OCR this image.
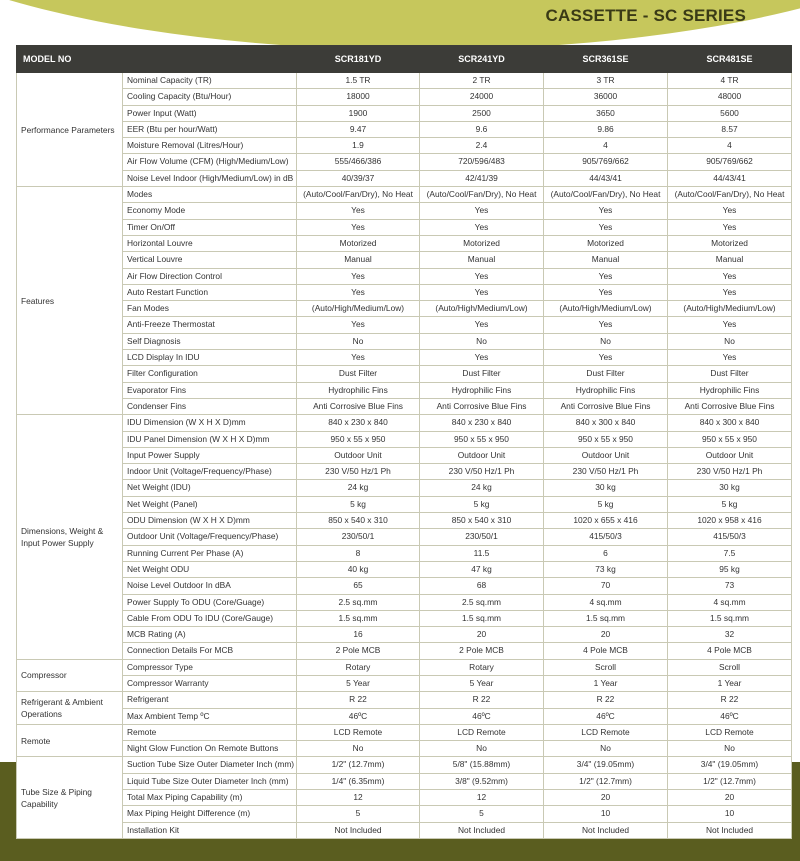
CASSETTE - SC SERIES
MODEL NO		SCR181YD	SCR241YD	SCR361SE	SCR481SE
Performance Parameters	Nominal Capacity (TR)	1.5 TR	2 TR	3 TR	4 TR
	Cooling Capacity (Btu/Hour)	18000	24000	36000	48000
	Power Input (Watt)	1900	2500	3650	5600
	EER (Btu per hour/Watt)	9.47	9.6	9.86	8.57
	Moisture Removal (Litres/Hour)	1.9	2.4	4	4
	Air Flow Volume (CFM) (High/Medium/Low)	555/466/386	720/596/483	905/769/662	905/769/662
	Noise Level Indoor (High/Medium/Low) in dB	40/39/37	42/41/39	44/43/41	44/43/41
Features	Modes	(Auto/Cool/Fan/Dry), No Heat	(Auto/Cool/Fan/Dry), No Heat	(Auto/Cool/Fan/Dry), No Heat	(Auto/Cool/Fan/Dry), No Heat
	Economy Mode	Yes	Yes	Yes	Yes
	Timer On/Off	Yes	Yes	Yes	Yes
	Horizontal Louvre	Motorized	Motorized	Motorized	Motorized
	Vertical Louvre	Manual	Manual	Manual	Manual
	Air Flow Direction Control	Yes	Yes	Yes	Yes
	Auto Restart Function	Yes	Yes	Yes	Yes
	Fan Modes	(Auto/High/Medium/Low)	(Auto/High/Medium/Low)	(Auto/High/Medium/Low)	(Auto/High/Medium/Low)
	Anti-Freeze Thermostat	Yes	Yes	Yes	Yes
	Self Diagnosis	No	No	No	No
	LCD Display In IDU	Yes	Yes	Yes	Yes
	Filter Configuration	Dust Filter	Dust Filter	Dust Filter	Dust Filter
	Evaporator Fins	Hydrophilic Fins	Hydrophilic Fins	Hydrophilic Fins	Hydrophilic Fins
	Condenser Fins	Anti Corrosive Blue Fins	Anti Corrosive Blue Fins	Anti Corrosive Blue Fins	Anti Corrosive Blue Fins
Dimensions, Weight & Input Power Supply	IDU Dimension (W X H X D)mm	840 x 230 x 840	840 x 230 x 840	840 x 300 x 840	840 x 300 x 840
	IDU Panel Dimension (W X H X D)mm	950 x 55 x 950	950 x 55 x 950	950 x 55 x 950	950 x 55 x 950
	Input Power Supply	Outdoor Unit	Outdoor Unit	Outdoor Unit	Outdoor Unit
	Indoor Unit (Voltage/Frequency/Phase)	230 V/50 Hz/1 Ph	230 V/50 Hz/1 Ph	230 V/50 Hz/1 Ph	230 V/50 Hz/1 Ph
	Net Weight (IDU)	24 kg	24 kg	30 kg	30 kg
	Net Weight (Panel)	5 kg	5 kg	5 kg	5 kg
	ODU Dimension (W X H X D)mm	850 x 540 x 310	850 x 540 x 310	1020 x 655 x 416	1020 x 958 x 416
	Outdoor Unit (Voltage/Frequency/Phase)	230/50/1	230/50/1	415/50/3	415/50/3
	Running Current Per Phase (A)	8	11.5	6	7.5
	Net Weight ODU	40 kg	47 kg	73 kg	95 kg
	Noise Level Outdoor In dBA	65	68	70	73
	Power Supply To ODU (Core/Guage)	2.5 sq.mm	2.5 sq.mm	4 sq.mm	4 sq.mm
	Cable From ODU To IDU (Core/Gauge)	1.5 sq.mm	1.5 sq.mm	1.5 sq.mm	1.5 sq.mm
	MCB Rating (A)	16	20	20	32
	Connection Details For MCB	2 Pole MCB	2 Pole MCB	4 Pole MCB	4 Pole MCB
Compressor	Compressor Type	Rotary	Rotary	Scroll	Scroll
	Compressor Warranty	5 Year	5 Year	1 Year	1 Year
Refrigerant & Ambient Operations	Refrigerant	R 22	R 22	R 22	R 22
	Max Ambient Temp ºC	46ºC	46ºC	46ºC	46ºC
Remote	Remote	LCD Remote	LCD Remote	LCD Remote	LCD Remote
	Night Glow Function On Remote Buttons	No	No	No	No
Tube Size & Piping Capability	Suction Tube Size Outer Diameter Inch (mm)	1/2" (12.7mm)	5/8" (15.88mm)	3/4" (19.05mm)	3/4" (19.05mm)
	Liquid Tube Size Outer Diameter Inch (mm)	1/4" (6.35mm)	3/8" (9.52mm)	1/2" (12.7mm)	1/2" (12.7mm)
	Total Max Piping Capability (m)	12	12	20	20
	Max Piping Height Difference (m)	5	5	10	10
	Installation Kit	Not Included	Not Included	Not Included	Not Included
